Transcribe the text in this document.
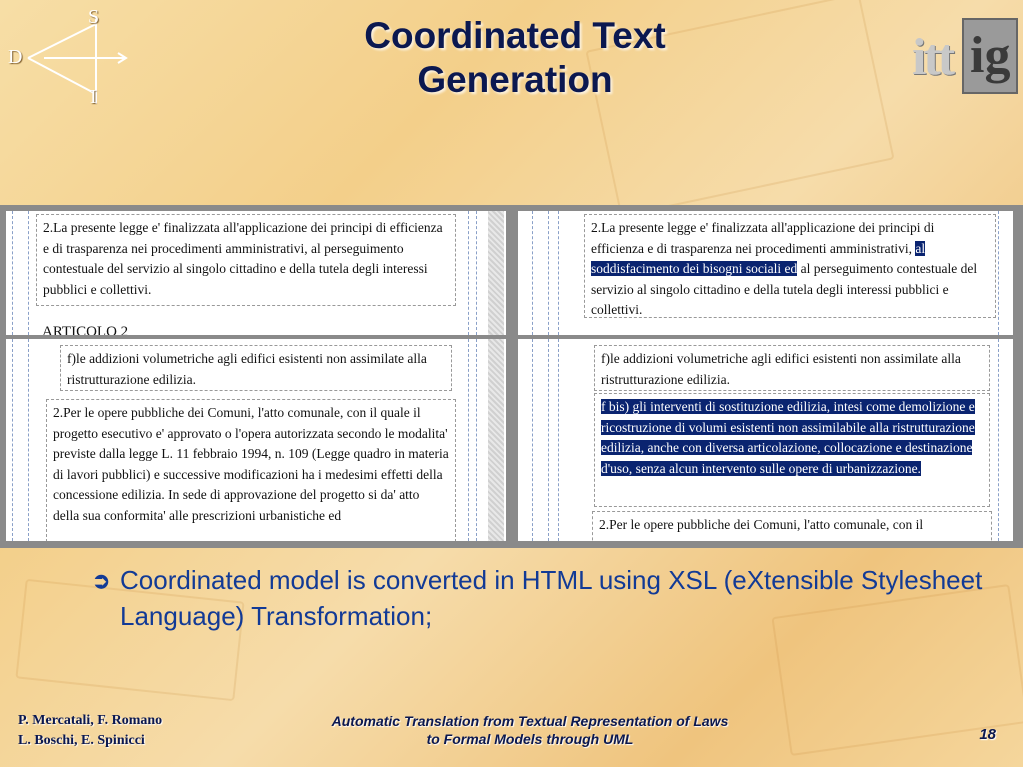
S
D
I
Coordinated Text
Generation	itt ig
2.La presente legge e' finalizzata all'applicazione dei principi di efficienza e di trasparenza nei procedimenti amministrativi, al perseguimento contestuale del servizio al singolo cittadino e della tutela degli interessi pubblici e collettivi.
ARTICOLO 2
2.La presente legge e' finalizzata all'applicazione dei principi di efficienza e di trasparenza nei procedimenti amministrativi, al soddisfacimento dei bisogni sociali ed al perseguimento contestuale del servizio al singolo cittadino e della tutela degli interessi pubblici e collettivi.
f)le addizioni volumetriche agli edifici esistenti non assimilate alla ristrutturazione edilizia.
2.Per le opere pubbliche dei Comuni, l'atto comunale, con il quale il progetto esecutivo e' approvato o l'opera autorizzata secondo le modalita' previste dalla legge L. 11 febbraio 1994, n. 109 (Legge quadro in materia di lavori pubblici) e successive modificazioni ha i medesimi effetti della concessione edilizia. In sede di approvazione del progetto si da' atto della sua conformita' alle prescrizioni urbanistiche ed
f)le addizioni volumetriche agli edifici esistenti non assimilate alla ristrutturazione edilizia.
f bis) gli interventi di sostituzione edilizia, intesi come demolizione e ricostruzione di volumi esistenti non assimilabile alla ristrutturazione edilizia, anche con diversa articolazione, collocazione e destinazione d'uso, senza alcun intervento sulle opere di urbanizzazione.
2.Per le opere pubbliche dei Comuni, l'atto comunale, con il
➲ Coordinated model is converted in HTML using XSL (eXtensible Stylesheet Language) Transformation;
P. Mercatali, F. Romano
L. Boschi, E. Spinicci
Automatic Translation from Textual Representation of Laws
to Formal Models through UML	18
